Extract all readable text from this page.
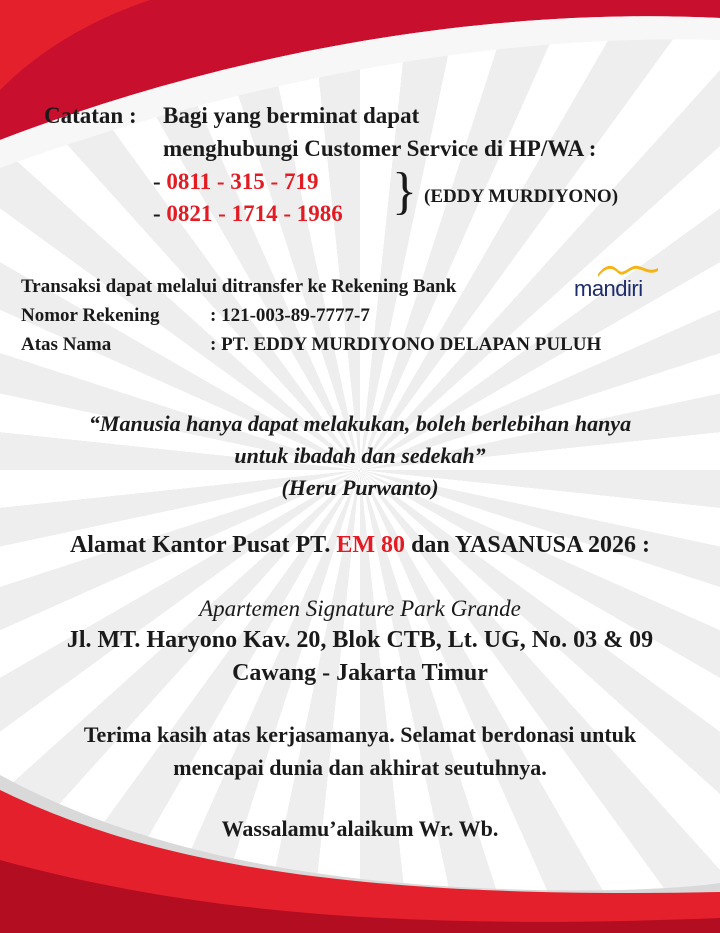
Catatan : Bagi yang berminat dapat
menghubungi Customer Service di HP/WA :
- 0811 - 315 - 719
- 0821 - 1714 - 1986 } (EDDY MURDIYONO)
Transaksi dapat melalui ditransfer ke Rekening Bank	mandiri
Nomor Rekening	: 121-003-89-7777-7
Atas Nama	: PT. EDDY MURDIYONO DELAPAN PULUH
“Manusia hanya dapat melakukan, boleh berlebihan hanya
untuk ibadah dan sedekah”
(Heru Purwanto)
Alamat Kantor Pusat PT. EM 80 dan YASANUSA 2026 :
Apartemen Signature Park Grande
Jl. MT. Haryono Kav. 20, Blok CTB, Lt. UG, No. 03 & 09
Cawang - Jakarta Timur
Terima kasih atas kerjasamanya. Selamat berdonasi untuk
mencapai dunia dan akhirat seutuhnya.
Wassalamu’alaikum Wr. Wb.
